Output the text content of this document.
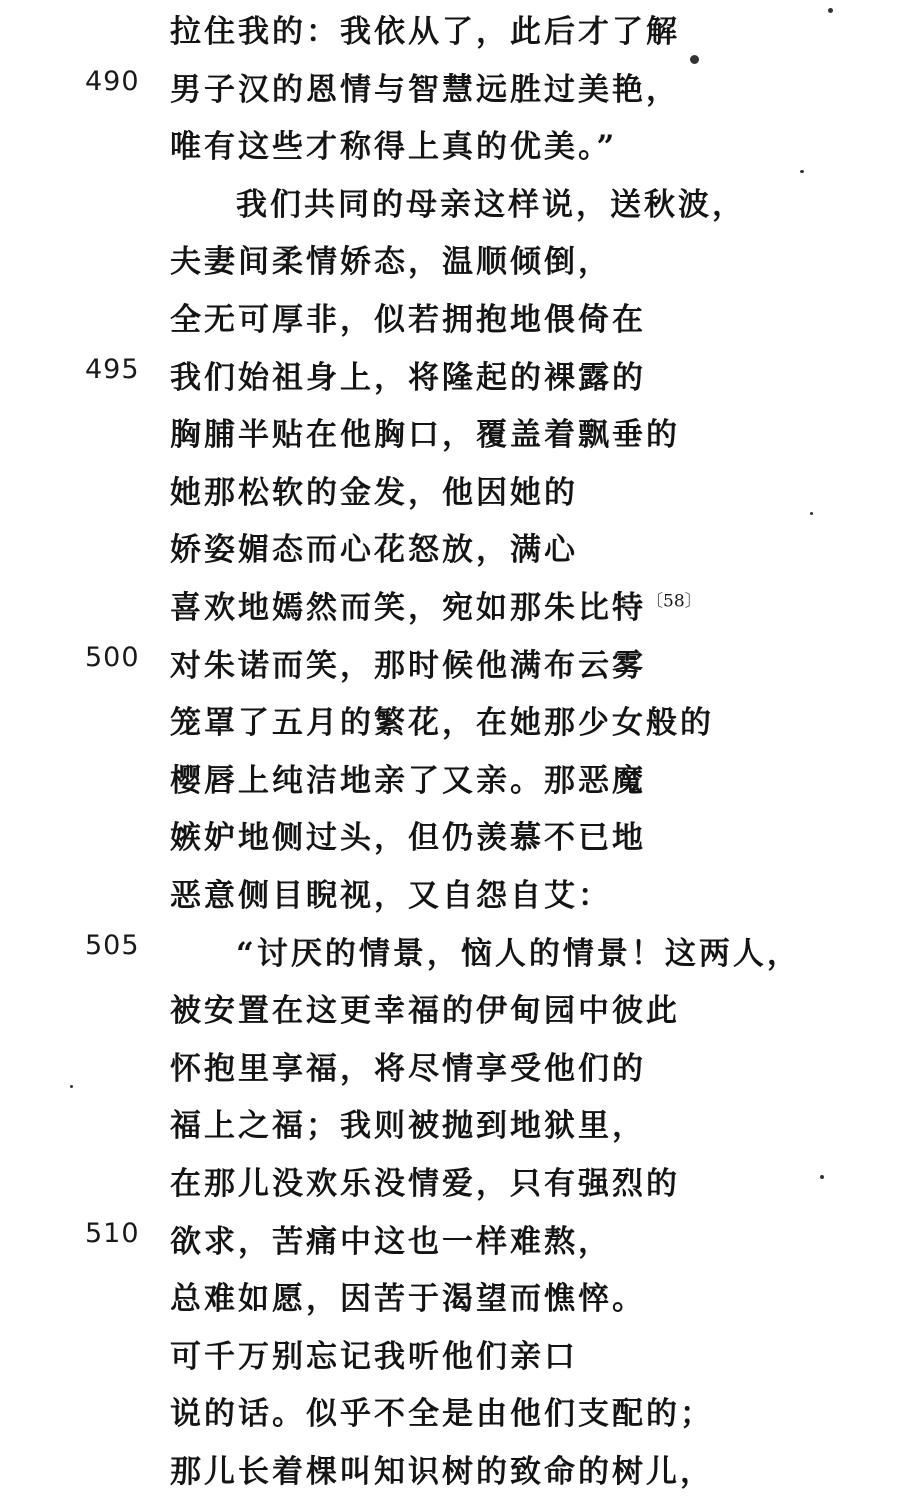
拉住我的：我依从了，此后才了解
490 男子汉的恩情与智慧远胜过美艳，
唯有这些才称得上真的优美。”
我们共同的母亲这样说，送秋波，
夫妻间柔情娇态，温顺倾倒，
全无可厚非，似若拥抱地偎倚在
495 我们始祖身上，将隆起的裸露的
胸脯半贴在他胸口，覆盖着飘垂的
她那松软的金发，他因她的
娇姿媚态而心花怒放，满心
喜欢地嫣然而笑，宛如那朱比特$^{〔58〕}$
500 对朱诺而笑，那时候他满布云雾
笼罩了五月的繁花，在她那少女般的
樱唇上纯洁地亲了又亲。那恶魔
嫉妒地侧过头，但仍羡慕不已地
恶意侧目睨视，又自怨自艾：
505	“讨厌的情景，恼人的情景！这两人，
被安置在这更幸福的伊甸园中彼此
怀抱里享福，将尽情享受他们的
福上之福；我则被抛到地狱里，
在那儿没欢乐没情爱，只有强烈的
510 欲求，苦痛中这也一样难熬，
总难如愿，因苦于渴望而憔悴。
可千万别忘记我听他们亲口
说的话。似乎不全是由他们支配的；
那儿长着棵叫知识树的致命的树儿，
